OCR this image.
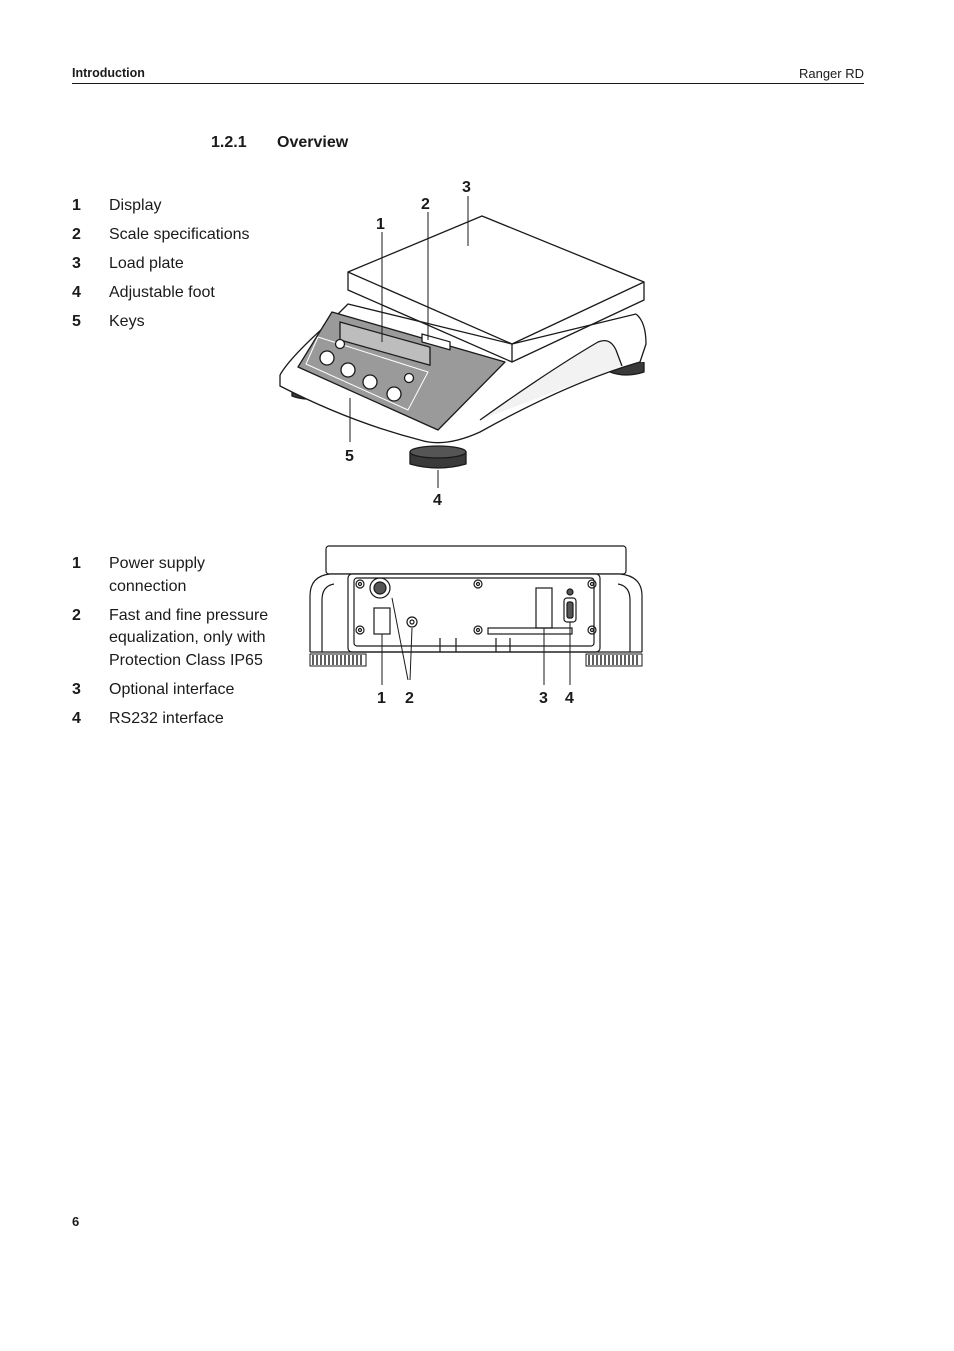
Introduction	Ranger RD
1.2.1 Overview
1 Display
2 Scale specifications
3 Load plate
4 Adjustable foot
5 Keys
1
2
3
4
5
1 Power supply connection
2 Fast and fine pressure equalization, only with Protection Class IP65
3 Optional interface
4 RS232 interface
1 2	3 4
6
